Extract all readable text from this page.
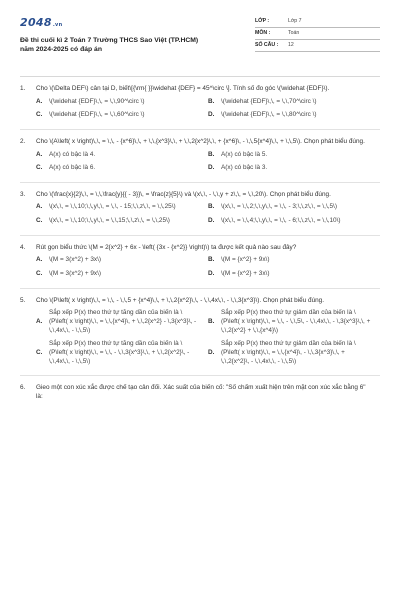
2048.vn
Đề thi cuối kì 2 Toán 7 Trường THCS Sao Việt (TP.HCM)
năm 2024-2025 có đáp án
LỚP :	Lớp 7
MÔN :	Toán
SỐ CÂU :	12
1.	Cho \(\Delta DEF\) cân tại D, biết\[{\rm{ }}\widehat {DEF} = 45^\circ \]. Tính số đo góc \(\widehat {EDF}\).
A.	\(\widehat {EDF}\,\, = \,\,90^\circ \)	B.	\(\widehat {EDF}\,\, = \,\,70^\circ \)
C.	\(\widehat {EDF}\,\, = \,\,60^\circ \)	D.	\(\widehat {EDF}\,\, = \,\,80^\circ \)
2.	Cho \(A\left( x \right)\,\, = \,\, - {x^6}\,\, + \,\,{x^3}\,\, + \,\,2{x^2}\,\, + {x^6}\, - \,\,5{x^4}\,\, + \,\,5\). Chọn phát biểu đúng.
A.	A(x) có bậc là 4.	B.	A(x) có bậc là 5.
C.	A(x) có bậc là 6.	D.	A(x) có bậc là 3.
3.	Cho \(\frac{x}{2}\,\, = \,\,\frac{y}{{ - 3}}\, = \frac{z}{5}\) và \(x\,\, - \,\,y + z\,\, = \,\,20\). Chọn phát biểu đúng.
A.	\(x\,\, = \,\,10;\,\,y\,\, = \,\, - 15;\,\,z\,\, = \,\,25\)	B.	\(x\,\, = \,\,2;\,\,y\,\, = \,\, - 3;\,\,z\,\, = \,\,5\)
C.	\(x\,\, = \,\,10;\,\,y\,\, = \,\,15;\,\,z\,\, = \,\,25\)	D.	\(x\,\, = \,\,4;\,\,y\,\, = \,\, - 6;\,\,z\,\, = \,\,10\)
4.	Rút gọn biểu thức \(M = 2{x^2} + 6x - \left( {3x - {x^2}} \right)\) ta được kết quả nào sau đây?
A.	\(M = 3(x^2) + 3x\)	B.	\(M = {x^2} + 9x\)
C.	\(M = 3(x^2) + 9x\)	D.	\(M = {x^2} + 3x\)
5.	Cho \(P\left( x \right)\,\, = \,\, - \,\,5 + {x^4}\,\, + \,\,2{x^2}\,\, - \,\,4x\,\, - \,\,3{x^3}\). Chọn phát biểu đúng.
A.
Sắp xếp P(x) theo thứ tự tăng dần của biến là \(P\left( x \right)\,\, = \,\,{x^4}\, + \,\,2{x^2} - \,3{x^3}\, - \,\,4x\,\, - \,\,5\)
B.
Sắp xếp P(x) theo thứ tự giảm dần của biến là \(P\left( x \right)\,\, = \,\, - \,\,5\, - \,\,4x\,\, - \,3{x^3}\,\, + \,\,2{x^2} + \,\,{x^4}\)
C.
Sắp xếp P(x) theo thứ tự tăng dần của biến là \(P\left( x \right)\,\, = \,\, - \,\,3{x^3}\,\, + \,\,2{x^2}\, - \,\,4x\,\, - \,\,5\)
D.
Sắp xếp P(x) theo thứ tự giảm dần của biến là \(P\left( x \right)\,\, = \,\,{x^4}\, - \,\,3{x^3}\,\, + \,\,2{x^2}\, - \,\,4x\,\, - \,\,5\)
6.	Gieo một con xúc xắc được chế tạo cân đối. Xác suất của biến cố: "Số chấm xuất hiện trên mặt con xúc xắc bằng 6" là:
